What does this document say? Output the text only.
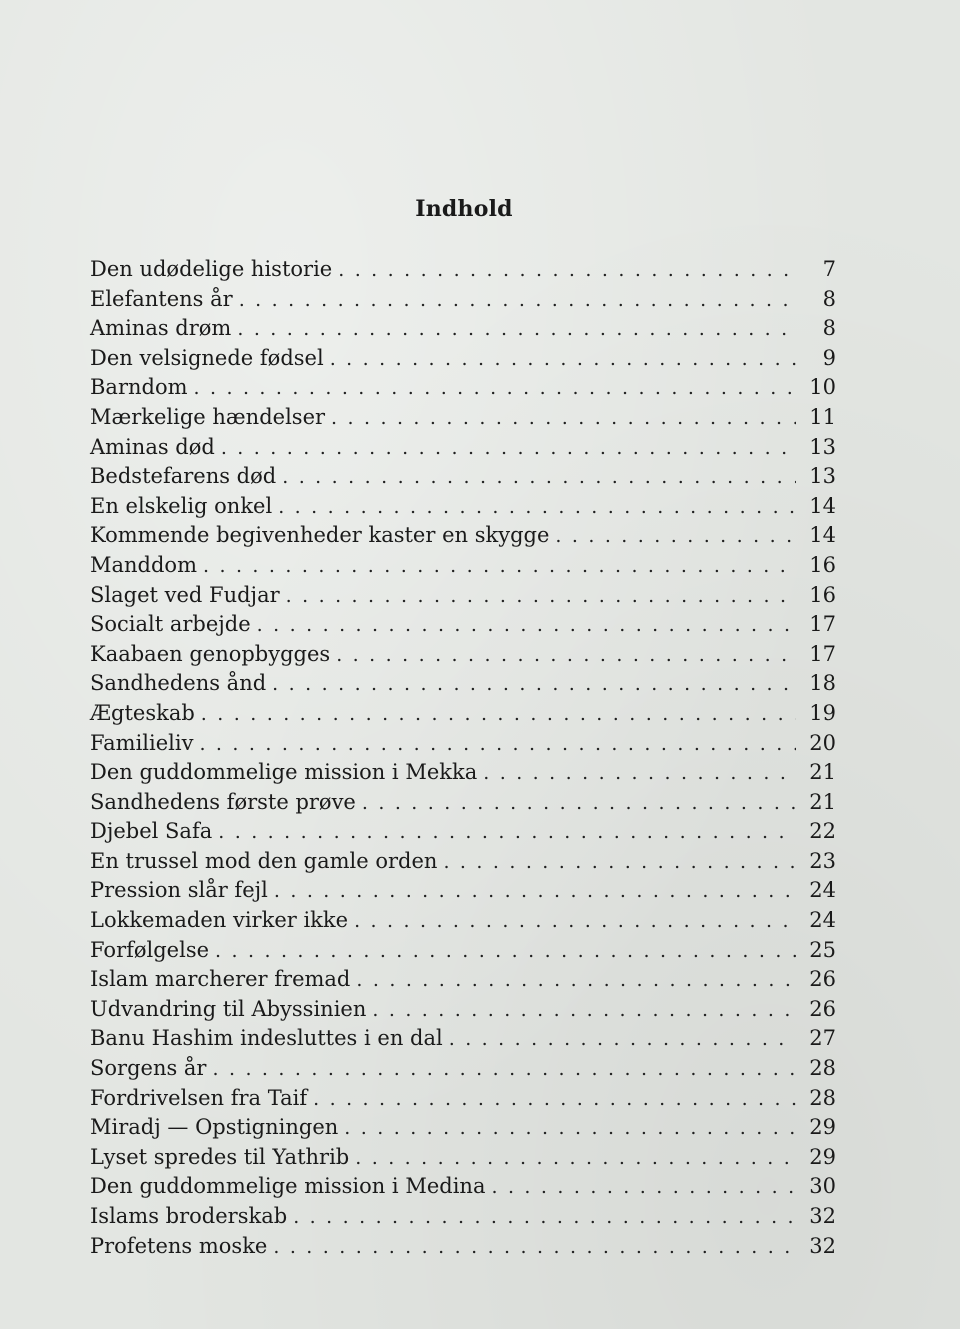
Indhold
Den udødelige historie . . .	7
Elefantens år . . .	8
Aminas drøm . . .	8
Den velsignede fødsel . . .	9
Barndom . . .	10
Mærkelige hændelser . . .	11
Aminas død . . .	13
Bedstefarens død . . .	13
En elskelig onkel . . .	14
Kommende begivenheder kaster en skygge . . .	14
Manddom . . .	16
Slaget ved Fudjar . . .	16
Socialt arbejde . . .	17
Kaabaen genopbygges . . .	17
Sandhedens ånd . . .	18
Ægteskab . . .	19
Familieliv . . .	20
Den guddommelige mission i Mekka . . .	21
Sandhedens første prøve . . .	21
Djebel Safa . . .	22
En trussel mod den gamle orden . . .	23
Pression slår fejl . . .	24
Lokkemaden virker ikke . . .	24
Forfølgelse . . .	25
Islam marcherer fremad . . .	26
Udvandring til Abyssinien . . .	26
Banu Hashim indesluttes i en dal . . .	27
Sorgens år . . .	28
Fordrivelsen fra Taif . . .	28
Miradj — Opstigningen . . .	29
Lyset spredes til Yathrib . . .	29
Den guddommelige mission i Medina . . .	30
Islams broderskab . . .	32
Profetens moske . . .	32
